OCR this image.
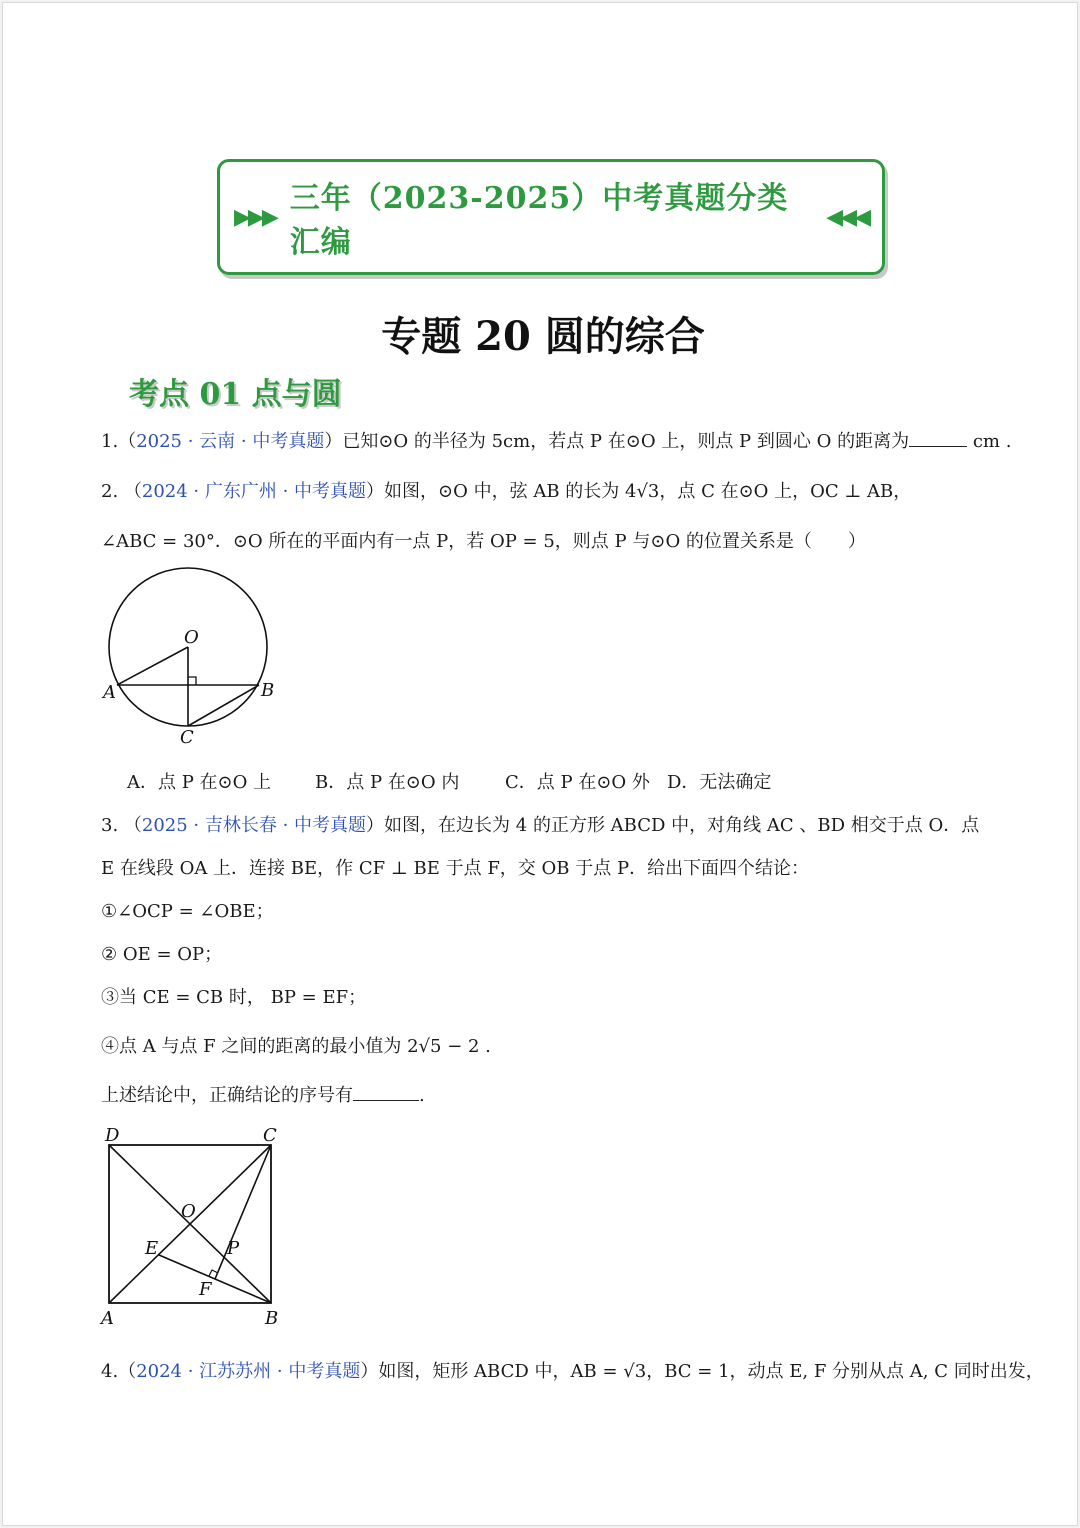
▶▶▶
三年（2023-2025）中考真题分类汇编
◀◀◀
专题 20 圆的综合
考点 01 点与圆
1.（2025 · 云南 · 中考真题）已知⊙O 的半径为 5cm，若点 P 在⊙O 上，则点 P 到圆心 O 的距离为	cm .
2. （2024 · 广东广州 · 中考真题）如图，⊙O 中，弦 AB 的长为 4√3，点 C 在⊙O 上，OC ⊥ AB，
∠ABC = 30°．⊙O 所在的平面内有一点 P，若 OP = 5，则点 P 与⊙O 的位置关系是（　　）
O
A	B
C
A．点 P 在⊙O 上 B．点 P 在⊙O 内	C．点 P 在⊙O 外 D．无法确定
3. （2025 · 吉林长春 · 中考真题）如图，在边长为 4 的正方形 ABCD 中，对角线 AC 、BD 相交于点 O．点
E 在线段 OA 上．连接 BE，作 CF ⊥ BE 于点 F，交 OB 于点 P．给出下面四个结论：
①∠OCP = ∠OBE；
② OE = OP；
③当 CE = CB 时， BP = EF；
④点 A 与点 F 之间的距离的最小值为 2√5 − 2 .
上述结论中，正确结论的序号有	.
D	C
O
E	P
F
A	B
4.（2024 · 江苏苏州 · 中考真题）如图，矩形 ABCD 中，AB = √3，BC = 1，动点 E, F 分别从点 A, C 同时出发，
